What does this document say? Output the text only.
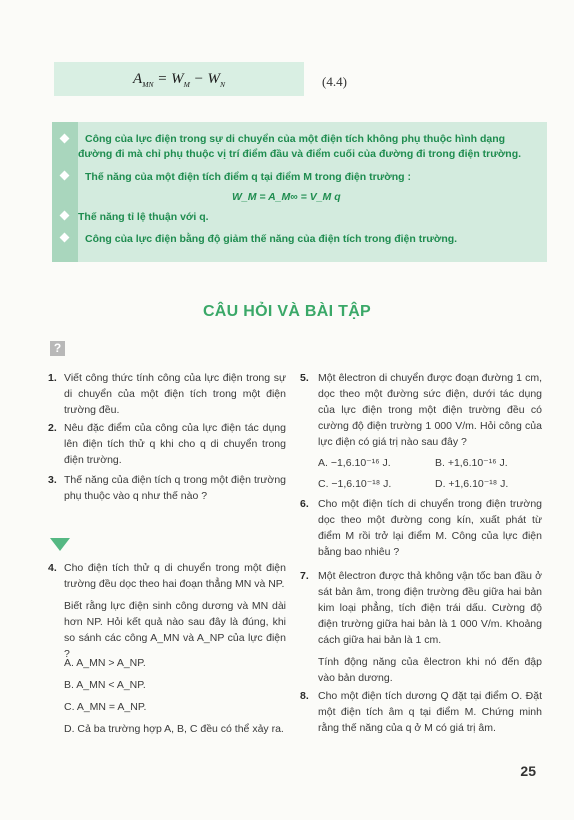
$A_{MN} = W_M - W_N$	(4.4)
Công của lực điện trong sự di chuyển của một điện tích không phụ thuộc hình dạng
đường đi mà chỉ phụ thuộc vị trí điểm đầu và điểm cuối của đường đi trong điện trường.
Thế năng của một điện tích điểm q tại điểm M trong điện trường :
W_M = A_M∞ = V_M q
Thế năng tỉ lệ thuận với q.
Công của lực điện bằng độ giảm thế năng của điện tích trong điện trường.
CÂU HỎI VÀ BÀI TẬP
?
1. Viết công thức tính công của lực điện trong sự di chuyển của một điện tích trong một điện trường đều.
2. Nêu đặc điểm của công của lực điện tác dụng lên điện tích thử q khi cho q di chuyển trong điện trường.
3. Thế năng của điện tích q trong một điện trường phụ thuộc vào q như thế nào ?
4. Cho điện tích thử q di chuyển trong một điện trường đều dọc theo hai đoạn thẳng MN và NP.
Biết rằng lực điện sinh công dương và MN dài hơn NP. Hỏi kết quả nào sau đây là đúng, khi so sánh các công A_MN và A_NP của lực điện ?
A. A_MN > A_NP.
B. A_MN < A_NP.
C. A_MN = A_NP.
D. Cả ba trường hợp A, B, C đều có thể xảy ra.
5. Một êlectron di chuyển được đoạn đường 1 cm, dọc theo một đường sức điện, dưới tác dụng của lực điện trong một điện trường đều có cường độ điện trường 1 000 V/m. Hỏi công của lực điện có giá trị nào sau đây ?
A. −1,6.10⁻¹⁶ J.	B. +1,6.10⁻¹⁶ J.
C. −1,6.10⁻¹⁸ J.	D. +1,6.10⁻¹⁸ J.
6. Cho một điện tích di chuyển trong điện trường dọc theo một đường cong kín, xuất phát từ điểm M rồi trở lại điểm M. Công của lực điện bằng bao nhiêu ?
7. Một êlectron được thả không vận tốc ban đầu ở sát bản âm, trong điện trường đều giữa hai bản kim loại phẳng, tích điện trái dấu. Cường độ điện trường giữa hai bản là 1 000 V/m. Khoảng cách giữa hai bản là 1 cm.
Tính động năng của êlectron khi nó đến đập vào bản dương.
8. Cho một điện tích dương Q đặt tại điểm O. Đặt một điện tích âm q tại điểm M. Chứng minh rằng thế năng của q ở M có giá trị âm.
25
